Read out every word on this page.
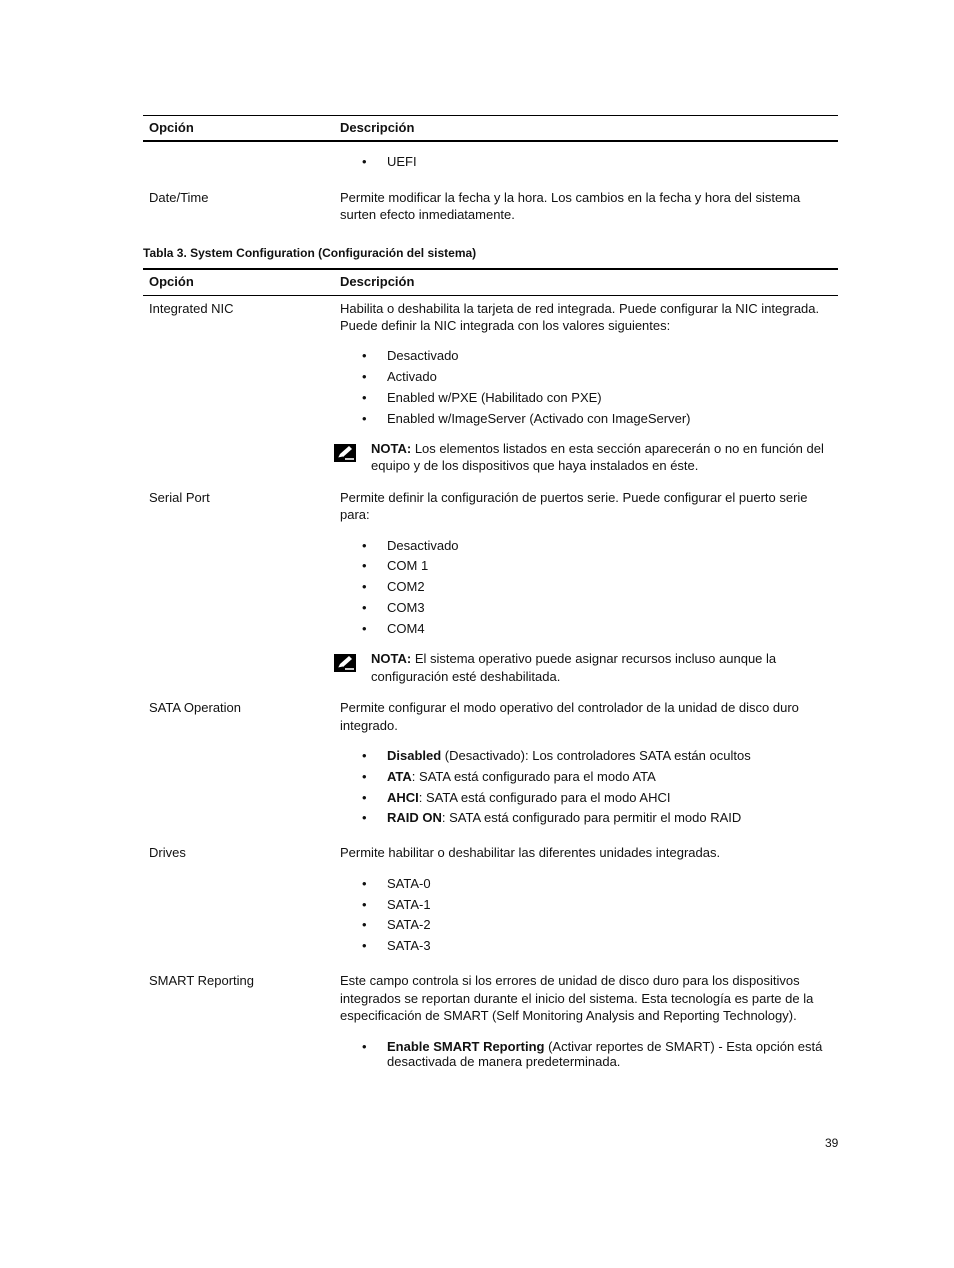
Opción	Descripción
• UEFI
Date/Time	Permite modificar la fecha y la hora. Los cambios en la fecha y hora del sistema
surten efecto inmediatamente.
Tabla 3. System Configuration (Configuración del sistema)
Opción	Descripción
Integrated NIC	Habilita o deshabilita la tarjeta de red integrada. Puede configurar la NIC integrada.
Puede definir la NIC integrada con los valores siguientes:
• Desactivado
• Activado
• Enabled w/PXE (Habilitado con PXE)
• Enabled w/ImageServer (Activado con ImageServer)
NOTA: Los elementos listados en esta sección aparecerán o no en función del
equipo y de los dispositivos que haya instalados en éste.
Serial Port	Permite definir la configuración de puertos serie. Puede configurar el puerto serie
para:
• Desactivado
• COM 1
• COM2
• COM3
• COM4
NOTA: El sistema operativo puede asignar recursos incluso aunque la
configuración esté deshabilitada.
SATA Operation	Permite configurar el modo operativo del controlador de la unidad de disco duro
integrado.
• Disabled (Desactivado): Los controladores SATA están ocultos
• ATA: SATA está configurado para el modo ATA
• AHCI: SATA está configurado para el modo AHCI
• RAID ON: SATA está configurado para permitir el modo RAID
Drives	Permite habilitar o deshabilitar las diferentes unidades integradas.
• SATA-0
• SATA-1
• SATA-2
• SATA-3
SMART Reporting	Este campo controla si los errores de unidad de disco duro para los dispositivos
integrados se reportan durante el inicio del sistema. Esta tecnología es parte de la
especificación de SMART (Self Monitoring Analysis and Reporting Technology).
• Enable SMART Reporting (Activar reportes de SMART) - Esta opción está
desactivada de manera predeterminada.
39
